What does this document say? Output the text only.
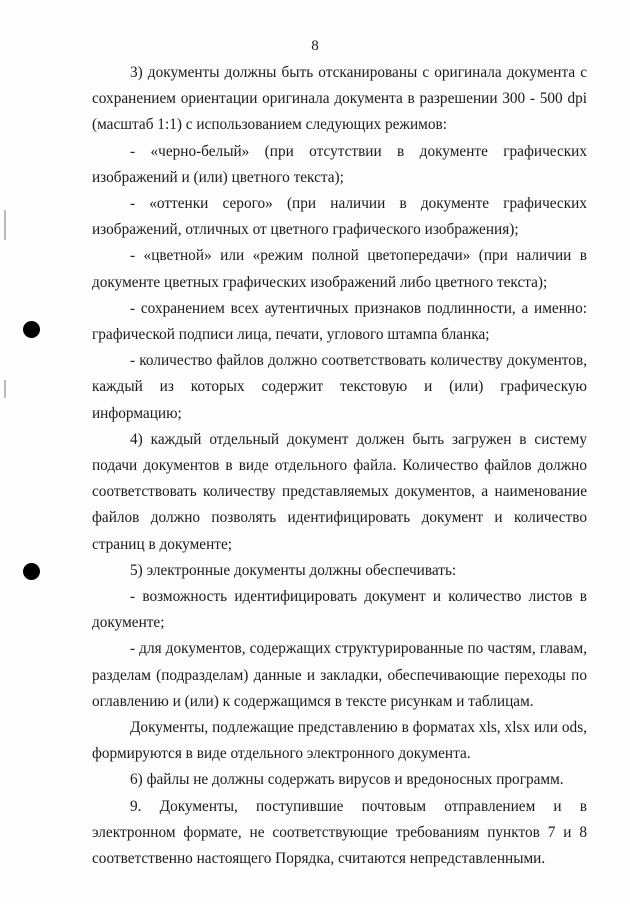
8

3) документы должны быть отсканированы с оригинала документа с сохранением ориентации оригинала документа в разрешении 300 - 500 dpi (масштаб 1:1) с использованием следующих режимов:

- «черно-белый» (при отсутствии в документе графических изображений и (или) цветного текста);

- «оттенки серого» (при наличии в документе графических изображений, отличных от цветного графического изображения);

- «цветной» или «режим полной цветопередачи» (при наличии в документе цветных графических изображений либо цветного текста);

- сохранением всех аутентичных признаков подлинности, а именно: графической подписи лица, печати, углового штампа бланка;

- количество файлов должно соответствовать количеству документов, каждый из которых содержит текстовую и (или) графическую информацию;

4) каждый отдельный документ должен быть загружен в систему подачи документов в виде отдельного файла. Количество файлов должно соответствовать количеству представляемых документов, а наименование файлов должно позволять идентифицировать документ и количество страниц в документе;

5) электронные документы должны обеспечивать:

- возможность идентифицировать документ и количество листов в документе;

- для документов, содержащих структурированные по частям, главам, разделам (подразделам) данные и закладки, обеспечивающие переходы по оглавлению и (или) к содержащимся в тексте рисункам и таблицам.

Документы, подлежащие представлению в форматах xls, xlsx или ods, формируются в виде отдельного электронного документа.

6) файлы не должны содержать вирусов и вредоносных программ.

9. Документы, поступившие почтовым отправлением и в электронном формате, не соответствующие требованиям пунктов 7 и 8 соответственно настоящего Порядка, считаются непредставленными.
